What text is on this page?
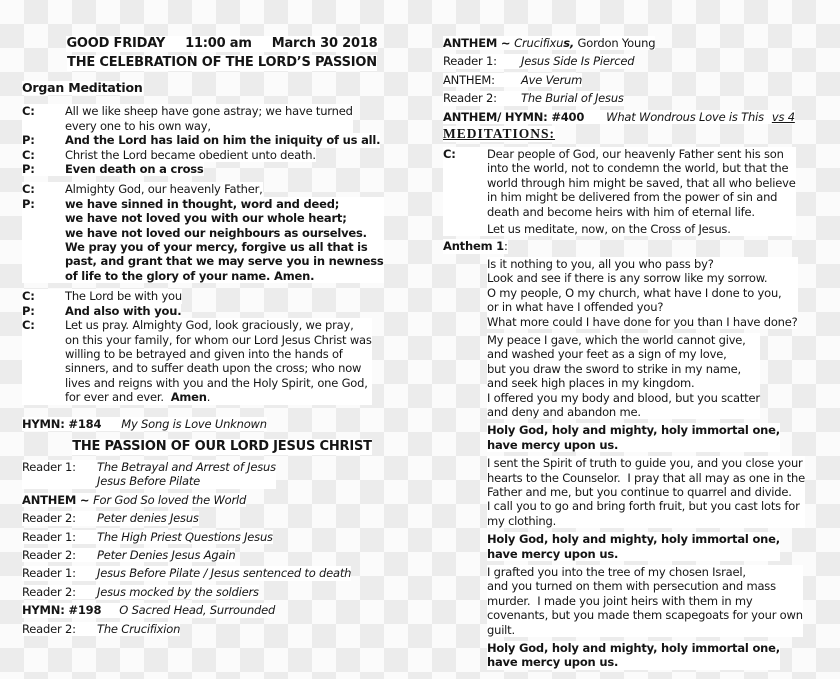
GOOD FRIDAY 11:00 am March 30 2018
THE CELEBRATION OF THE LORD’S PASSION
Organ Meditation
C:	All we like sheep have gone astray; we have turned
every one to his own way,
P:	And the Lord has laid on him the iniquity of us all.
C:	Christ the Lord became obedient unto death.
P:	Even death on a cross
C:	Almighty God, our heavenly Father,
P:	we have sinned in thought, word and deed;
we have not loved you with our whole heart;
we have not loved our neighbours as ourselves.
We pray you of your mercy, forgive us all that is
past, and grant that we may serve you in newness
of life to the glory of your name. Amen.
C:	The Lord be with you
P:	And also with you.
C:	Let us pray. Almighty God, look graciously, we pray,
on this your family, for whom our Lord Jesus Christ was
willing to be betrayed and given into the hands of
sinners, and to suffer death upon the cross; who now
lives and reigns with you and the Holy Spirit, one God,
for ever and ever.  Amen.
HYMN: #184 My Song is Love Unknown
THE PASSION OF OUR LORD JESUS CHRIST
Reader 1:	The Betrayal and Arrest of Jesus
Jesus Before Pilate
ANTHEM ~ For God So loved the World
Reader 2:	Peter denies Jesus
Reader 1:	The High Priest Questions Jesus
Reader 2:	Peter Denies Jesus Again
Reader 1:	Jesus Before Pilate / Jesus sentenced to death
Reader 2:	Jesus mocked by the soldiers
HYMN: #198 O Sacred Head, Surrounded
Reader 2:	The Crucifixion
ANTHEM ~ Crucifixus, Gordon Young
Reader 1:	Jesus Side Is Pierced
ANTHEM:	Ave Verum
Reader 2:	The Burial of Jesus
ANTHEM/ HYMN: #400 What Wondrous Love is This vs 4
MEDITATIONS:
C:	Dear people of God, our heavenly Father sent his son
into the world, not to condemn the world, but that the
world through him might be saved, that all who believe
in him might be delivered from the power of sin and
death and become heirs with him of eternal life.
Let us meditate, now, on the Cross of Jesus.
Anthem 1:
Is it nothing to you, all you who pass by?
Look and see if there is any sorrow like my sorrow.
O my people, O my church, what have I done to you,
or in what have I offended you?
What more could I have done for you than I have done?
My peace I gave, which the world cannot give,
and washed your feet as a sign of my love,
but you draw the sword to strike in my name,
and seek high places in my kingdom.
I offered you my body and blood, but you scatter
and deny and abandon me.
Holy God, holy and mighty, holy immortal one,
have mercy upon us.
I sent the Spirit of truth to guide you, and you close your
hearts to the Counselor.  I pray that all may as one in the
Father and me, but you continue to quarrel and divide.
I call you to go and bring forth fruit, but you cast lots for
my clothing.
Holy God, holy and mighty, holy immortal one,
have mercy upon us.
I grafted you into the tree of my chosen Israel,
and you turned on them with persecution and mass
murder.  I made you joint heirs with them in my
covenants, but you made them scapegoats for your own
guilt.
Holy God, holy and mighty, holy immortal one,
have mercy upon us.
